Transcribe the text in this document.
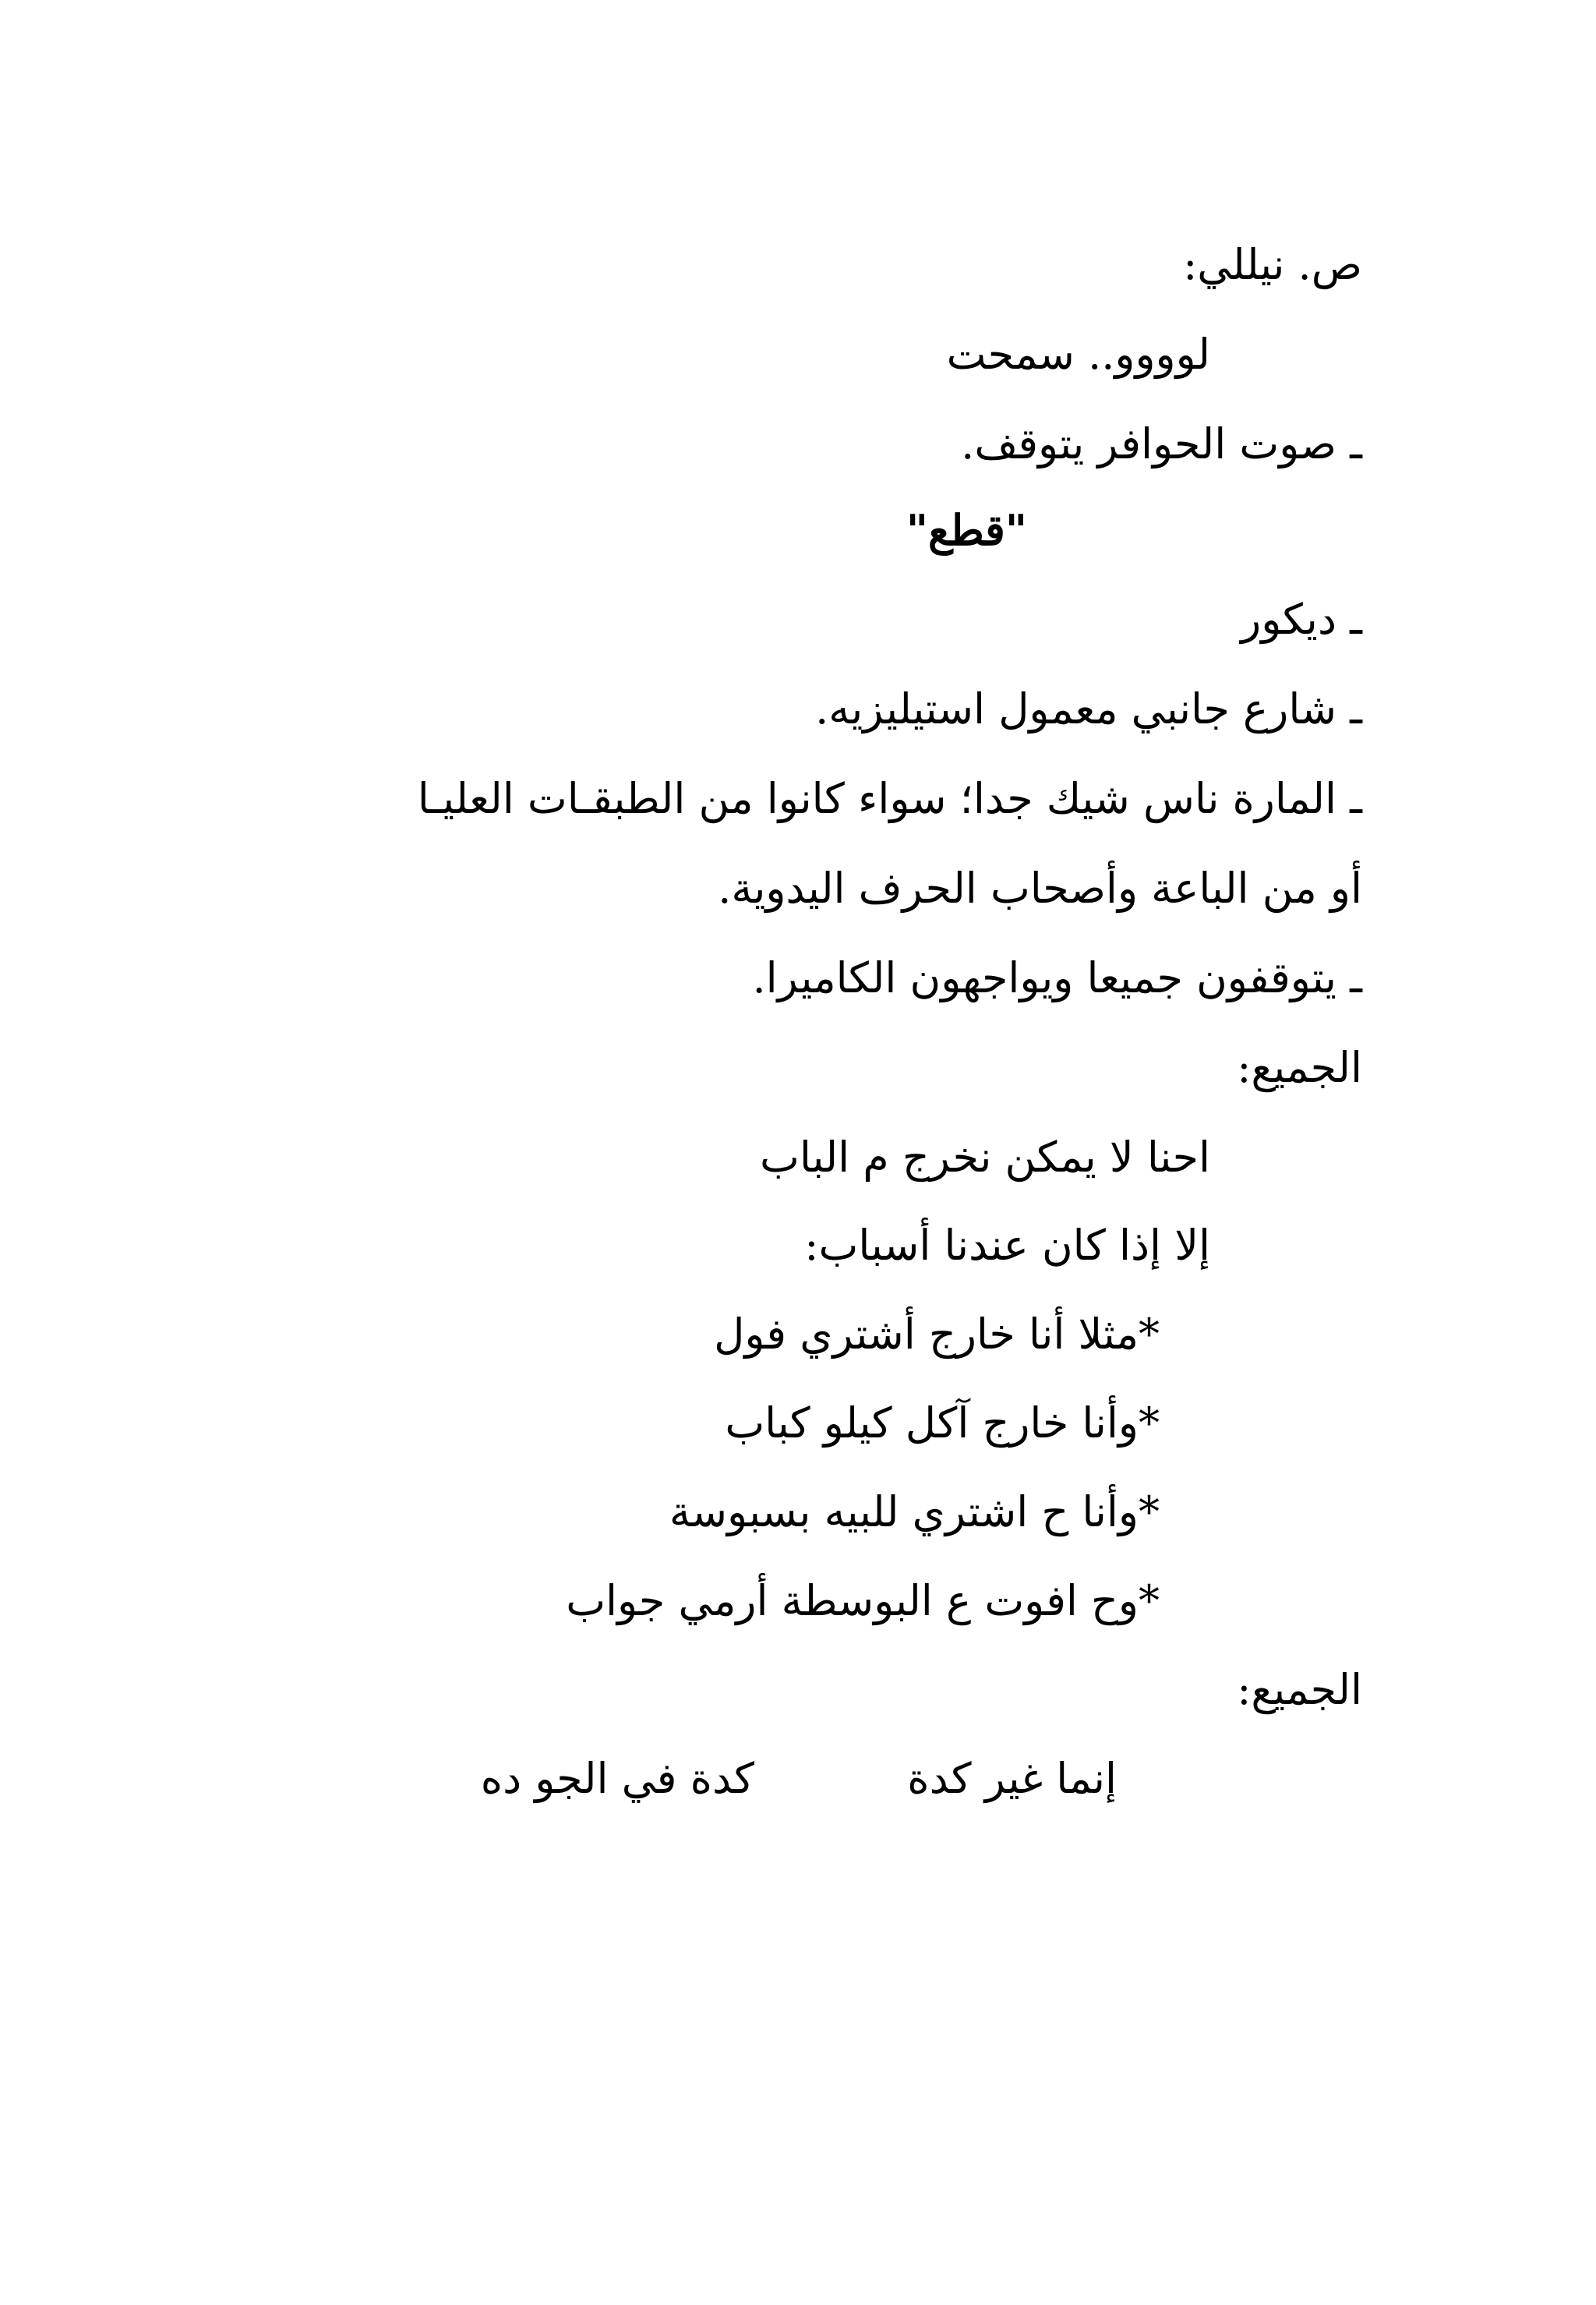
ص. نيللي:
لوووو.. سمحت
ـ صوت الحوافر يتوقف.
"قطع"
ـ ديكور
ـ شارع جانبي معمول استيليزيه.
ـ المارة ناس شيك جدا؛ سواء كانوا من الطبقـات العليـا
أو من الباعة وأصحاب الحرف اليدوية.
ـ يتوقفون جميعا ويواجهون الكاميرا.
الجميع:
احنا لا يمكن نخرج م الباب
إلا إذا كان عندنا أسباب:
*مثلا أنا خارج أشتري فول
*وأنا خارج آكل كيلو كباب
*وأنا ح اشتري للبيه بسبوسة
*وح افوت ع البوسطة أرمي جواب
الجميع:
إنما غير كدة
كدة في الجو ده
